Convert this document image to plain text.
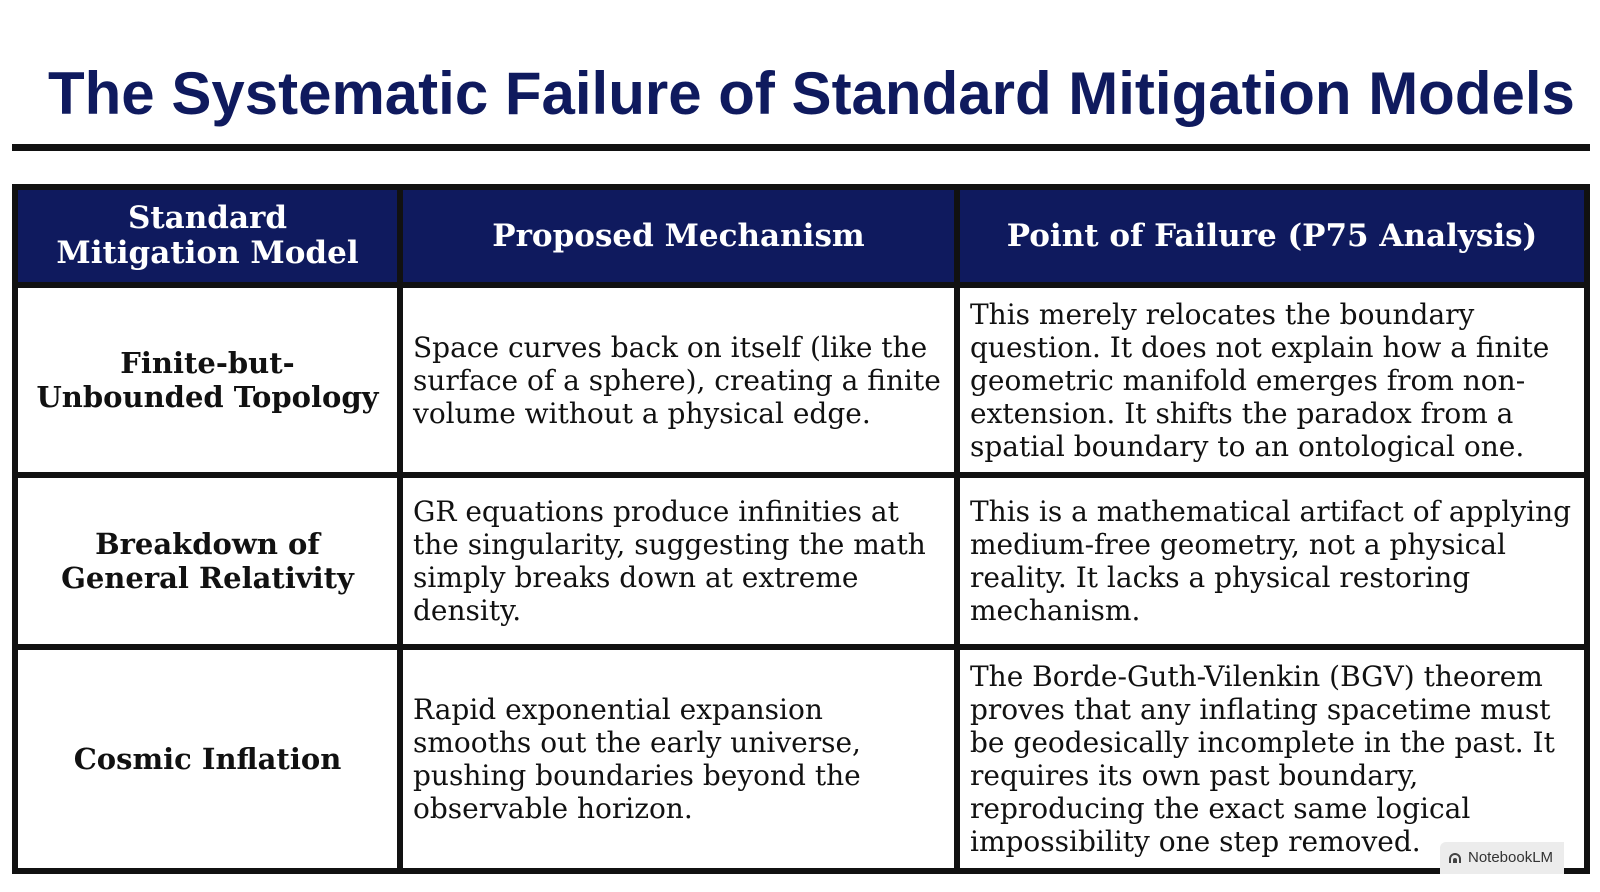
The Systematic Failure of Standard Mitigation Models
Standard Mitigation Model	Proposed Mechanism	Point of Failure (P75 Analysis)
Finite-but-Unbounded Topology	Space curves back on itself (like the surface of a sphere), creating a finite volume without a physical edge.	This merely relocates the boundary question. It does not explain how a finite geometric manifold emerges from non-extension. It shifts the paradox from a spatial boundary to an ontological one.
Breakdown of General Relativity	GR equations produce infinities at the singularity, suggesting the math simply breaks down at extreme density.	This is a mathematical artifact of applying medium-free geometry, not a physical reality. It lacks a physical restoring mechanism.
Cosmic Inflation	Rapid exponential expansion smooths out the early universe, pushing boundaries beyond the observable horizon.	The Borde-Guth-Vilenkin (BGV) theorem proves that any inflating spacetime must be geodesically incomplete in the past. It requires its own past boundary, reproducing the exact same logical impossibility one step removed.	NotebookLM
